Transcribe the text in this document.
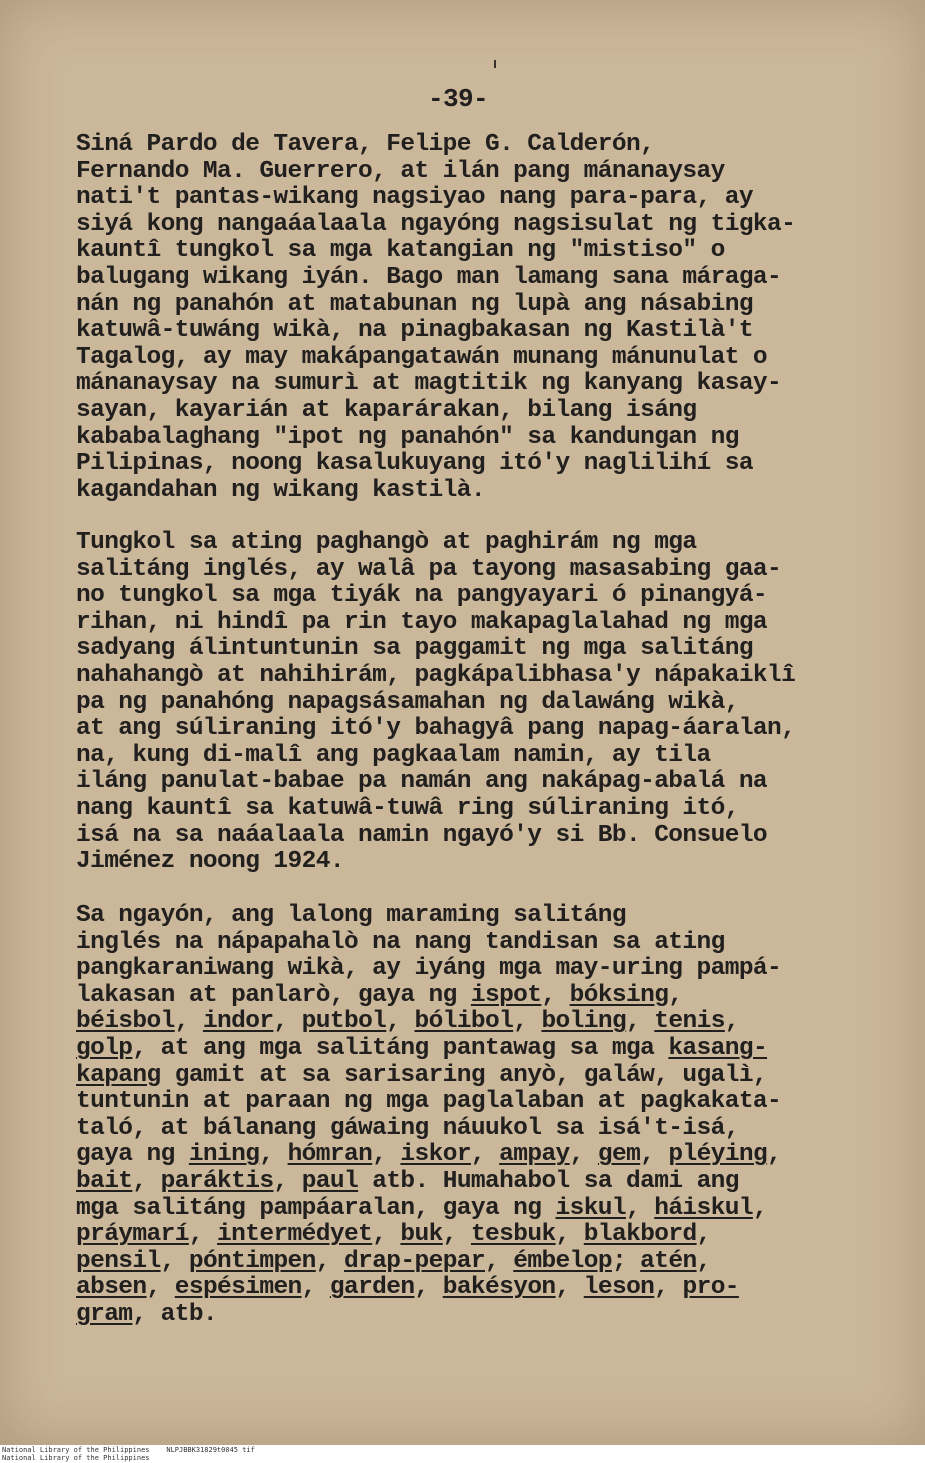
-39-
Siná Pardo de Tavera, Felipe G. Calderón,
Fernando Ma. Guerrero, at ilán pang mánanaysay
nati't pantas-wikang nagsiyao nang para-para, ay
siyá kong nangaáalaala ngayóng nagsisulat ng tigka-
kauntî tungkol sa mga katangian ng "mistiso" o
balugang wikang iyán. Bago man lamang sana máraga-
nán ng panahón at matabunan ng lupà ang násabing
katuwâ-tuwáng wikà, na pinagbakasan ng Kastilà't
Tagalog, ay may makápangatawán munang mánunulat o
mánanaysay na sumurì at magtitik ng kanyang kasay-
sayan, kayarián at kaparárakan, bilang isáng
kababalaghang "ipot ng panahón" sa kandungan ng
Pilipinas, noong kasalukuyang itó'y naglilihí sa
kagandahan ng wikang kastilà.
Tungkol sa ating paghangò at paghirám ng mga
salitáng inglés, ay walâ pa tayong masasabing gaa-
no tungkol sa mga tiyák na pangyayari ó pinangyá-
rihan, ni hindî pa rin tayo makapaglalahad ng mga
sadyang álintuntunin sa paggamit ng mga salitáng
nahahangò at nahihirám, pagkápalibhasa'y nápakaiklî
pa ng panahóng napagsásamahan ng dalawáng wikà,
at ang súliraning itó'y bahagyâ pang napag-áaralan,
na, kung di-malî ang pagkaalam namin, ay tila
iláng panulat-babae pa namán ang nakápag-abalá na
nang kauntî sa katuwâ-tuwâ ring súliraning itó,
isá na sa naáalaala namin ngayó'y si Bb. Consuelo
Jiménez noong 1924.
Sa ngayón, ang lalong maraming salitáng
inglés na nápapahalò na nang tandisan sa ating
pangkaraniwang wikà, ay iyáng mga may-uring pampá-
lakasan at panlarò, gaya ng ispot, bóksing,
béisbol, indor, putbol, bólibol, boling, tenis,
golp, at ang mga salitáng pantawag sa mga kasang-
kapang gamit at sa sarisaring anyò, galáw, ugalì,
tuntunin at paraan ng mga paglalaban at pagkakata-
taló, at bálanang gáwaing náuukol sa isá't-isá,
gaya ng ining, hómran, iskor, ampay, gem, pléying,
bait, paráktis, paul atb. Humahabol sa dami ang
mga salitáng pampáaralan, gaya ng iskul, háiskul,
práymarí, intermédyet, buk, tesbuk, blakbord,
pensil, póntimpen, drap-pepar, émbelop; atén,
absen, espésimen, garden, bakésyon, leson, pro-
gram, atb.
National Library of the Philippines    NLPJBBK31829t0045 tif
National Library of the Philippines
